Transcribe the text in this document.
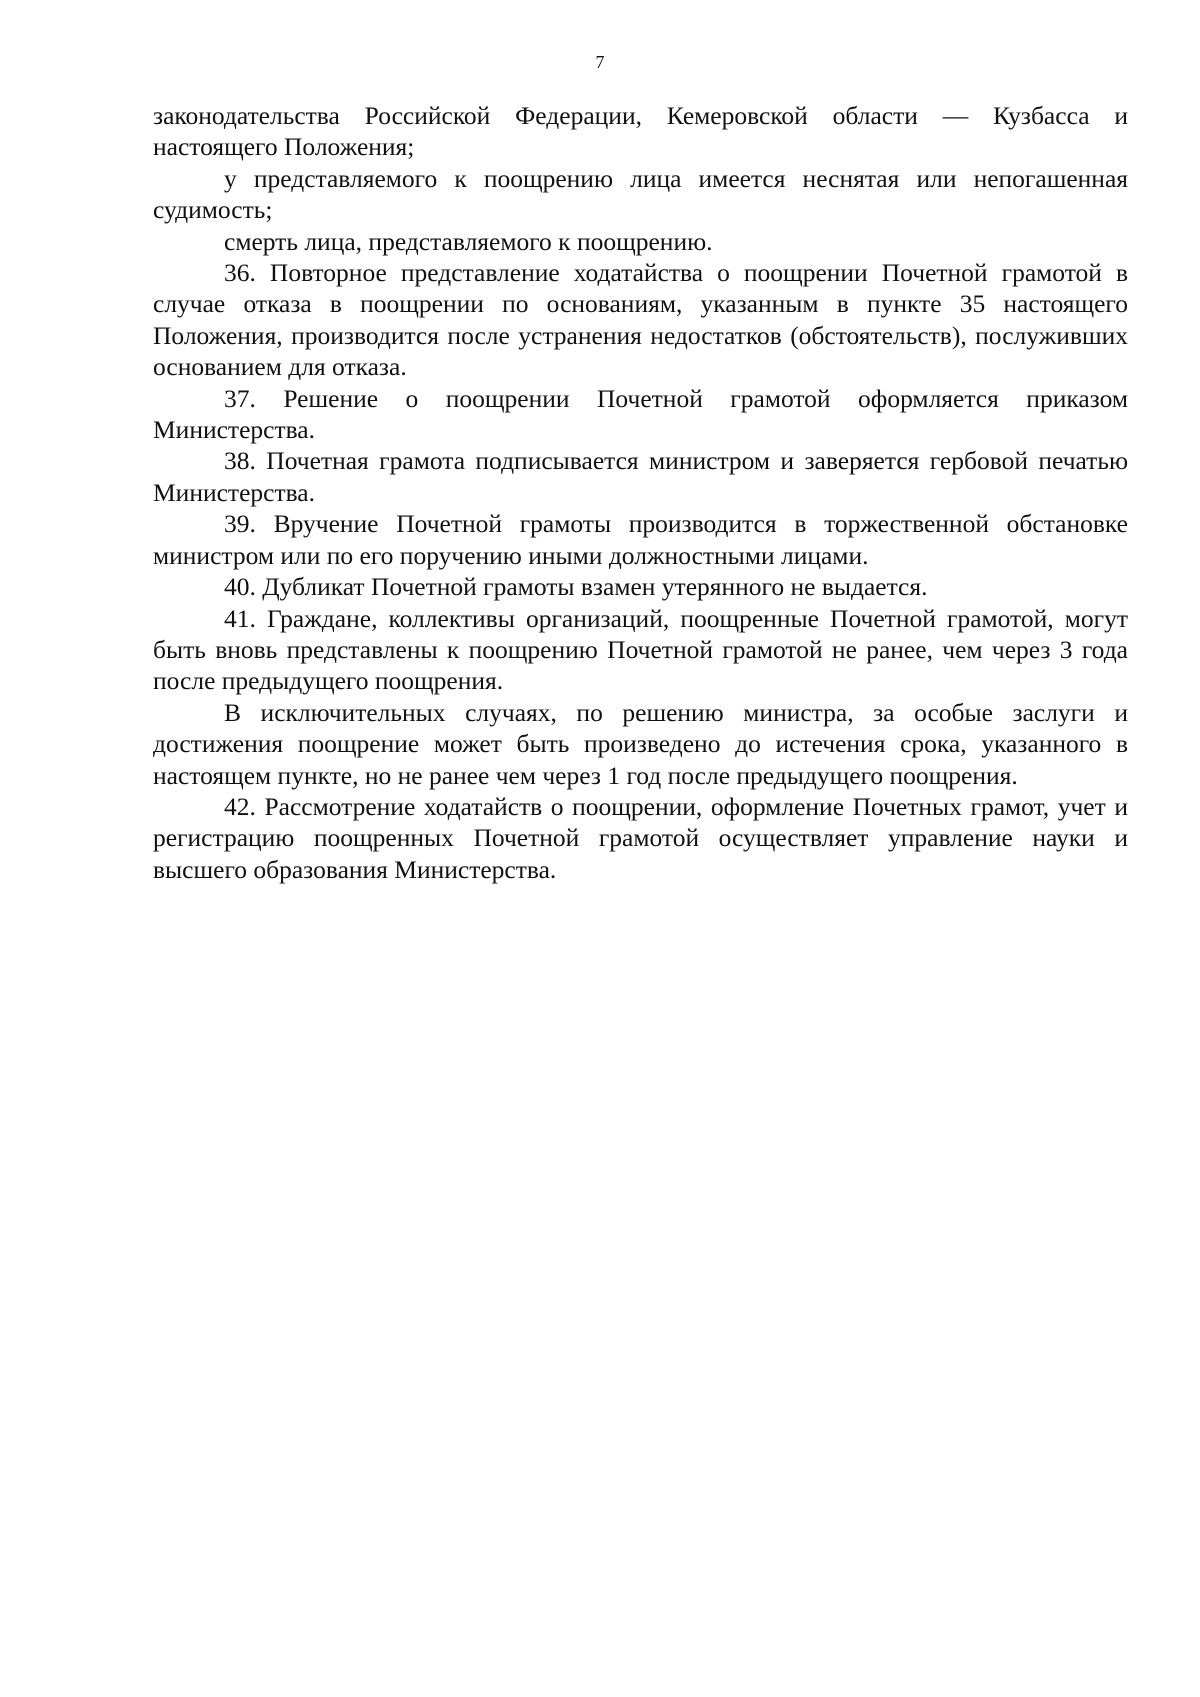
7

законодательства Российской Федерации, Кемеровской области — Кузбасса и настоящего Положения;

у представляемого к поощрению лица имеется неснятая или непогашенная судимость;

смерть лица, представляемого к поощрению.

36. Повторное представление ходатайства о поощрении Почетной грамотой в случае отказа в поощрении по основаниям, указанным в пункте 35 настоящего Положения, производится после устранения недостатков (обстоятельств), послуживших основанием для отказа.

37. Решение о поощрении Почетной грамотой оформляется приказом Министерства.

38. Почетная грамота подписывается министром и заверяется гербовой печатью Министерства.

39. Вручение Почетной грамоты производится в торжественной обстановке министром или по его поручению иными должностными лицами.

40. Дубликат Почетной грамоты взамен утерянного не выдается.

41. Граждане, коллективы организаций, поощренные Почетной грамотой, могут быть вновь представлены к поощрению Почетной грамотой не ранее, чем через 3 года после предыдущего поощрения.

В исключительных случаях, по решению министра, за особые заслуги и достижения поощрение может быть произведено до истечения срока, указанного в настоящем пункте, но не ранее чем через 1 год после предыдущего поощрения.

42. Рассмотрение ходатайств о поощрении, оформление Почетных грамот, учет и регистрацию поощренных Почетной грамотой осуществляет управление науки и высшего образования Министерства.
